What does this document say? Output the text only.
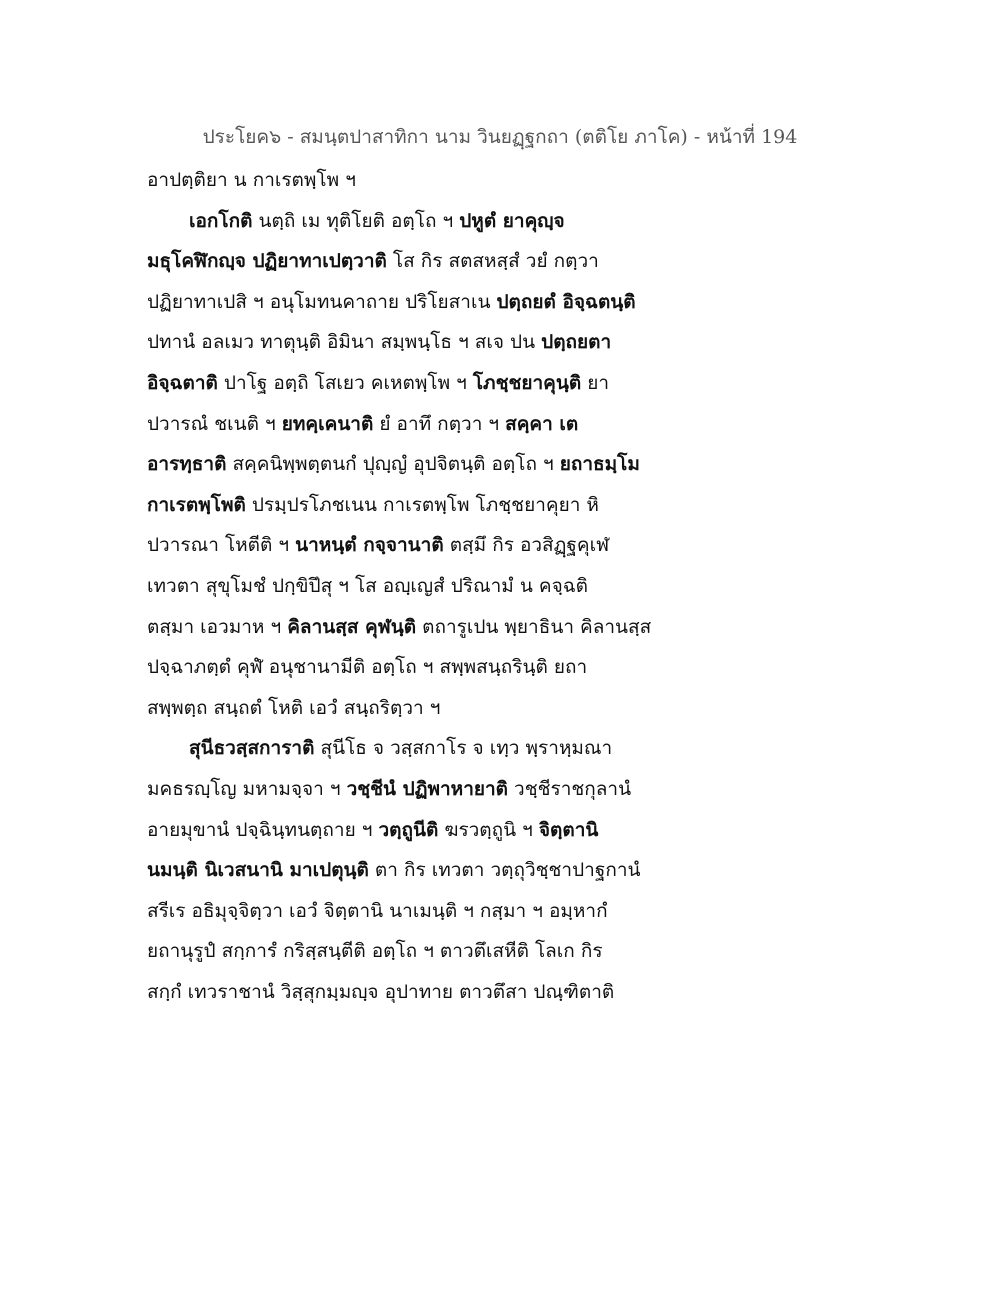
ประโยค๖ - สมนฺตปาสาทิกา นาม วินยฏฺฐกถา (ตติโย ภาโค) - หน้าที่ 194
อาปตฺติยา น กาเรตพฺโพ ฯ
เอกโกติ นตฺถิ เม ทุติโยติ อตฺโถ ฯ ปหูตํ ยาคุญฺจ
มธุโคฬิกญฺจ ปฏิยาทาเปตฺวาติ โส กิร สตสหสฺสํ วยํ กตฺวา
ปฏิยาทาเปสิ ฯ อนุโมทนคาถาย ปริโยสาเน ปตฺถยตํ อิจฺฉตนฺติ
ปทานํ อลเมว ทาตุนฺติ อิมินา สมฺพนฺโธ ฯ สเจ ปน ปตฺถยตา
อิจฺฉตาติ ปาโฐ อตฺถิ โสเยว คเหตพฺโพ ฯ โภชฺชยาคุนฺติ ยา
ปวารณํ ชเนติ ฯ ยทคฺเคนาติ ยํ อาทึ กตฺวา ฯ สคฺคา เต
อารทฺธาติ สคฺคนิพฺพตฺตนกํ ปุญฺญํ อุปจิตนฺติ อตฺโถ ฯ ยถาธมฺโม
กาเรตพฺโพติ ปรมฺปรโภชเนน กาเรตพฺโพ โภชฺชยาคุยา หิ
ปวารณา โหตีติ ฯ นาหนฺตํ กจฺจานาติ ตสฺมึ กิร อวสิฏฺฐคุเฬ
เทวตา สุขุโมชํ ปกฺขิปึสุ ฯ โส อญฺเญสํ ปริณามํ น คจฺฉติ
ตสฺมา เอวมาห ฯ คิลานสฺส คุฬนฺติ ตถารูเปน พฺยาธินา คิลานสฺส
ปจฺฉาภตฺตํ คุฬํ อนุชานามีติ อตฺโถ ฯ สพฺพสนฺถรินฺติ ยถา
สพฺพตฺถ สนฺถตํ โหติ เอวํ สนฺถริตฺวา ฯ
สุนีธวสฺสการาติ สุนีโธ จ วสฺสกาโร จ เทฺว พฺราหฺมณา
มคธรญฺโญ มหามจฺจา ฯ วชฺชีนํ ปฏิพาหายาติ วชฺชีราชกุลานํ
อายมุขานํ ปจฺฉินฺทนตฺถาย ฯ วตฺถูนีติ ฆรวตฺถูนิ ฯ จิตฺตานิ
นมนฺติ นิเวสนานิ มาเปตุนฺติ ตา กิร เทวตา วตฺถุวิชฺชาปาฐกานํ
สรีเร อธิมุจฺจิตฺวา เอวํ จิตฺตานิ นาเมนฺติ ฯ กสฺมา ฯ อมฺหากํ
ยถานุรูปํ สกฺการํ กริสฺสนฺตีติ อตฺโถ ฯ ตาวตึเสหีติ โลเก กิร
สกฺกํ เทวราชานํ วิสฺสุกมฺมญฺจ อุปาทาย ตาวตึสา ปณฺฑิตาติ
